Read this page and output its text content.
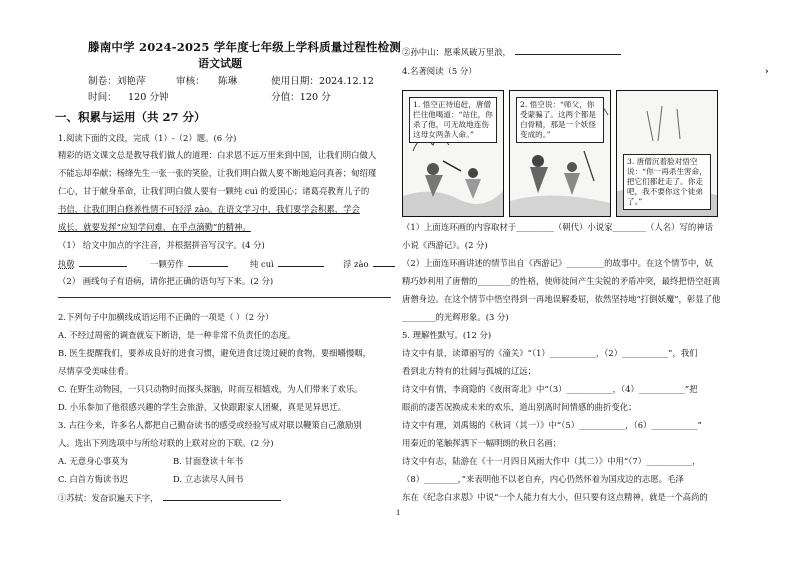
滕南中学 2024-2025 学年度七年级上学科质量过程性检测
语文试题
制卷：刘艳萍	审核： 陈琳	使用日期：2024.12.12
时间： 120 分钟	分值：120 分
一、积累与运用（共 27 分）
1.阅读下面的文段，完成（1）-（2）题。(6 分)
精彩的语文课文总是教导我们做人的道理：白求恩不远万里来到中国，让我们明白做人
不能忘却奉献；杨绛先生一张一张的笑脸，让我们明白做人要不断地追问真善；甸绍瑾
仁心，甘于献身革命，让我们明白做人要有一颗纯 cuì 的爱国心；诸葛亮教育儿子的
书信，让我们明白修养性情不可轻浮 zào。在语文学习中，我们要学会积累，学会
成长，就要发挥“应知学问难，在乎点滴勤”的精神。
（1） 给文中加点的字注音，并根据拼音写汉字。(4 分)
执敬	一颗劳作	纯 cuì	浮 zào
（2） 画线句子有语病，请你把正确的语句写下来。(2 分)
2.下列句子中加横线成语运用不正确的一项是（ ）（2 分）
A. 不经过周密的调查就妄下断语，是一种非常不负责任的态度。
B. 医生提醒我们，要养成良好的进食习惯，避免进食过烫过硬的食物，要细嚼慢咽，
尽情享受美味佳肴。
C. 在野生动物园，一只只动物时而探头探脑，时而互相嬉戏，为人们带来了欢乐。
D. 小乐参加了他很感兴趣的学生会旅游，又快跟跟家人团聚，真是见异思迁。
3. 古往今来，许多名人都把自己勤奋读书的感受或经验写成对联以鞭策自己激励别
人。选出下列选项中与所给对联的上联对应的下联。(2 分)
A. 无意身心事莫为	B. 甘面登读十年书
C. 白首方悔读书迟	D. 立志读尽人间书
①苏轼：发奋识遍天下字，
②孙中山：愿乘风破万里浪，
4.名著阅读（5 分）
1. 悟空正待追赶，唐僧拦住他喝道：“站住，你杀了他，可无故地连伤这母女两条人命。”
2. 悟空说：“师父，你受蒙骗了。这两个都是白骨精，那是一个妖怪变成的。”
3. 唐僧沉着脸对悟空说：“你一再杀生害命，把它们都赶走了。你走吧，我不要你这个徒弟了。”
（1）上面连环画的内容取材于_________（朝代）小说家________（人名）写的神话
小说《西游记》。(2 分)
（2）上面连环画讲述的情节出自《西游记》_________的故事中。在这个情节中，妖
精巧妙利用了唐僧的________的性格，使师徒间产生尖锐的矛盾冲突，最终把悟空赶离
唐僧身边。在这个情节中悟空得到一再地误解委屈，依然坚持地“打倒妖魔”，彰显了他
________的光辉形象。(3 分)
5. 理解性默写。(12 分)
诗文中有景，读谭丽写的《潼关》“（1）___________，（2）___________”，我们
看到北方特有的壮阔与孤城的辽远；
诗文中有情，李商隐的《夜雨寄北》中“（3）___________，（4）___________”把
眼前的凄苦况换成未来的欢乐，道出别离时间情感的曲折变化；
诗文中有理，刘禹锡的《秋词（其一）》中“（5）___________，（6）___________”
用秦近的笔触挥洒下一幅明朗的秋日名画；
诗文中有志，陆游在《十一月四日风雨大作中（其二）》中用“（7）___________，
（8）________，”来表明他不以老自弃，内心仍然怀着为国戍边的志愿。毛泽
东在《纪念白求恩》中说“一个人能力有大小，但只要有这点精神，就是一个高尚的
›
1
